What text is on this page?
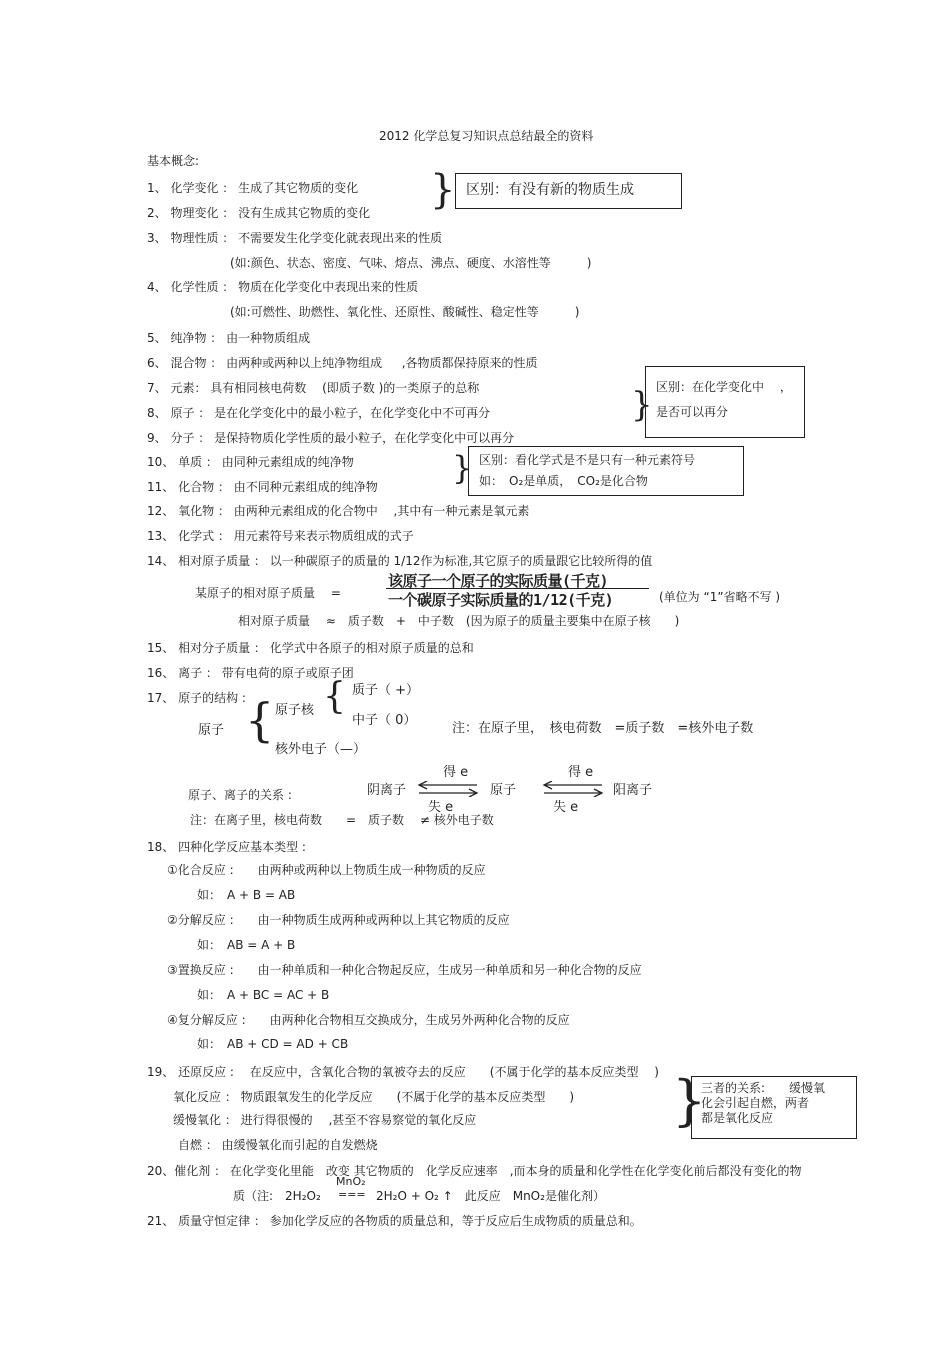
2012 化学总复习知识点总结最全的资料
基本概念:
1、 化学变化 ： 生成了其它物质的变化
2、 物理变化 ： 没有生成其它物质的变化 } 区别：有没有新的物质生成
3、 物理性质 ： 不需要发生化学变化就表现出来的性质
(如:颜色、状态、密度、气味、熔点、沸点、硬度、水溶性等　　　)
4、 化学性质 ： 物质在化学变化中表现出来的性质
(如:可燃性、助燃性、氧化性、还原性、酸碱性、稳定性等　　　)
5、 纯净物 ： 由一种物质组成
6、 混合物 ： 由两种或两种以上纯净物组成 　 ,各物质都保持原来的性质
7、 元素： 具有相同核电荷数　 (即质子数 )的一类原子的总称
8、 原子 ： 是在化学变化中的最小粒子，在化学变化中不可再分
9、 分子 ： 是保持物质化学性质的最小粒子，在化学变化中可以再分
} 区别：在化学变化中　 ，
是否可以再分
10、 单质 ： 由同种元素组成的纯净物
11、 化合物 ： 由不同种元素组成的纯净物 } 区别：看化学式是不是只有一种元素符号
如：　O₂是单质，　CO₂是化合物
12、 氧化物 ： 由两种元素组成的化合物中　 ,其中有一种元素是氧元素
13、 化学式 ： 用元素符号来表示物质组成的式子
14、 相对原子质量 ： 以一种碳原子的质量的 1/12作为标准,其它原子的质量跟它比较所得的值
某原子的相对原子质量　 =
该原子一个原子的实际质量(千克)
一个碳原子实际质量的1/12(千克)	(单位为 “1”省略不写 )
相对原子质量　 ≈　质子数　+　中子数　(因为原子的质量主要集中在原子核　　)
15、 相对分子质量 ： 化学式中各原子的相对原子质量的总和
16、 离子 ： 带有电荷的原子或原子团
17、 原子的结构 :
原子 { 原子核 { 质子（ +）
中子（ 0）
核外电子（—）
注：在原子里，　核电荷数　=质子数　=核外电子数
原子、离子的关系 :	阴离子
得 e
失 e
原子
得 e
失 e
阳离子
注：在离子里，核电荷数　　=　质子数　 ≠ 核外电子数
18、 四种化学反应基本类型 :
①化合反应 :　　由两种或两种以上物质生成一种物质的反应
如：　A + B = AB
②分解反应 :　　由一种物质生成两种或两种以上其它物质的反应
如：　AB = A + B
③置换反应 :　　由一种单质和一种化合物起反应，生成另一种单质和另一种化合物的反应
如：　A + BC = AC + B
④复分解反应 :　　由两种化合物相互交换成分，生成另外两种化合物的反应
如：　AB + CD = AD + CB
19、 还原反应 :　 在反应中，含氧化合物的氧被夺去的反应　　(不属于化学的基本反应类型　 )
氧化反应 ： 物质跟氧发生的化学反应　　(不属于化学的基本反应类型　　)
缓慢氧化 ： 进行得很慢的　 ,甚至不容易察觉的氧化反应
自燃 ： 由缓慢氧化而引起的自发燃烧
}
三者的关系:　　缓慢氧
化会引起自燃，两者
都是氧化反应
20、催化剂 ： 在化学变化里能　改变 其它物质的　化学反应速率　,而本身的质量和化学性在化学变化前后都没有变化的物
质（注:　2H₂O₂
MnO₂
=== 2H₂O + O₂ ↑　此反应　MnO₂是催化剂）
21、 质量守恒定律 ： 参加化学反应的各物质的质量总和，等于反应后生成物质的质量总和。
